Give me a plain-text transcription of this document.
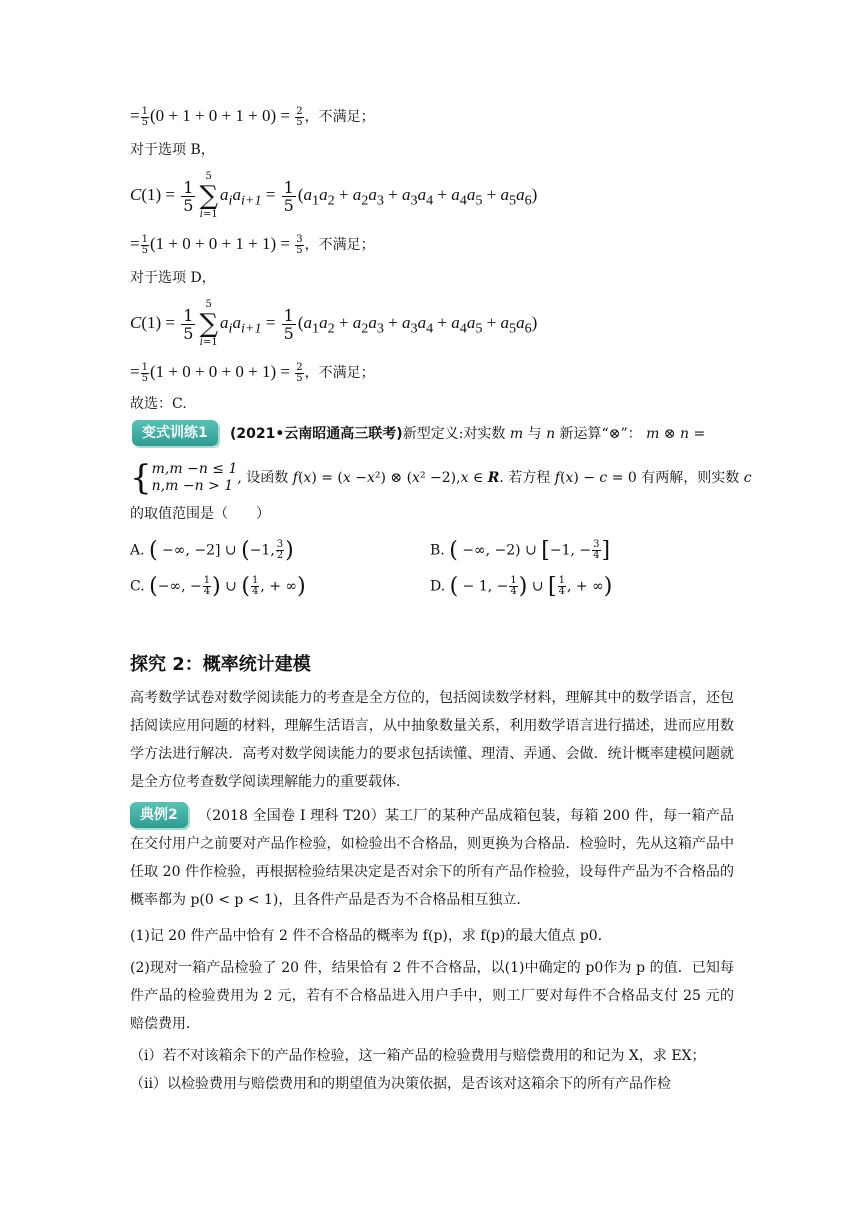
= $\frac{1}{5} (0 + 1 + 0 + 1 + 0) = \frac{2}{5}$ ，不满足；
对于选项 B，
$C(1) = \frac{1}{5}$
5
∑
i=1
$a_ia_{i+1} = \frac{1}{5} (a_1a_2 + a_2a_3 + a_3a_4 + a_4a_5 + a_5a_6)$
= $\frac{1}{5} (1 + 0 + 0 + 1 + 1) = \frac{3}{5}$ ，不满足；
对于选项 D，
$C(1) = \frac{1}{5}$
5
∑
i=1
$a_ia_{i+1} = \frac{1}{5} (a_1a_2 + a_2a_3 + a_3a_4 + a_4a_5 + a_5a_6)$
= $\frac{1}{5} (1 + 0 + 0 + 0 + 1) = \frac{2}{5}$ ，不满足；
故选：C.
变式训练1	(2021•云南昭通高三联考)新型定义:对实数 m 与 n 新运算“⊗”： m ⊗ n =
{ m,m −n ≤ 1
n,m −n > 1 , 设函数 f(x) = (x −x²) ⊗ (x² −2),x ∈ R. 若方程 f(x) − c = 0 有两解，则实数 c
的取值范围是（　　）
A. ( −∞, −2] ∪ (−1, $\frac{3}{2}$ )	B. ( −∞, −2) ∪ [−1, − $\frac{3}{4}$ ]
C. (−∞, − $\frac{1}{4}$ ) ∪ ( $\frac{1}{4}$ , + ∞)	D. ( − 1, − $\frac{1}{4}$ ) ∪ [ $\frac{1}{4}$ , + ∞)
探究 2：概率统计建模
高考数学试卷对数学阅读能力的考查是全方位的，包括阅读数学材料，理解其中的数学语言，还包括阅读应用问题的材料，理解生活语言，从中抽象数量关系，利用数学语言进行描述，进而应用数学方法进行解决．高考对数学阅读能力的要求包括读懂、理清、弄通、会做．统计概率建模问题就是全方位考查数学阅读理解能力的重要载体．
典例2	（2018 全国卷 I 理科 T20）某工厂的某种产品成箱包装，每箱 200 件，每一箱产品在交付用户之前要对产品作检验，如检验出不合格品，则更换为合格品．检验时，先从这箱产品中任取 20 件作检验，再根据检验结果决定是否对余下的所有产品作检验，设每件产品为不合格品的概率都为 p(0 < p < 1)，且各件产品是否为不合格品相互独立．
(1)记 20 件产品中恰有 2 件不合格品的概率为 f(p)，求 f(p)的最大值点 p0．
(2)现对一箱产品检验了 20 件，结果恰有 2 件不合格品，以(1)中确定的 p0作为 p 的值．已知每件产品的检验费用为 2 元，若有不合格品进入用户手中，则工厂要对每件不合格品支付 25 元的赔偿费用．
（i）若不对该箱余下的产品作检验，这一箱产品的检验费用与赔偿费用的和记为 X，求 EX；
（ii）以检验费用与赔偿费用和的期望值为决策依据，是否该对这箱余下的所有产品作检
